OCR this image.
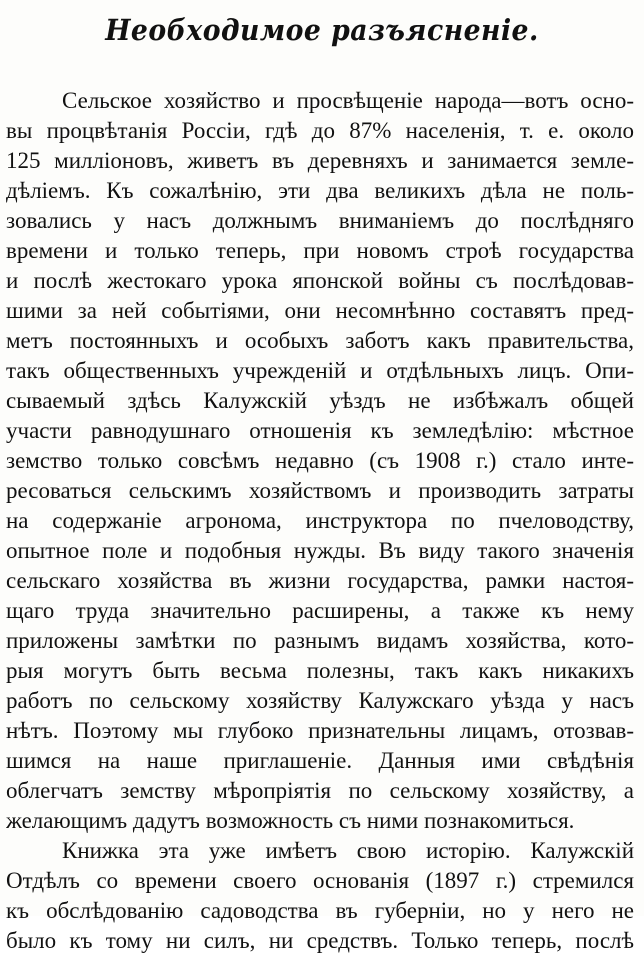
Необходимое разъясненіе.
Сельское хозяйство и просвѣщеніе народа—вотъ осно-
вы процвѣтанія Россіи, гдѣ до 87% населенія, т. е. около
125 милліоновъ, живетъ въ деревняхъ и занимается земле-
дѣліемъ. Къ сожалѣнію, эти два великихъ дѣла не поль-
зовались у насъ должнымъ вниманіемъ до послѣдняго
времени и только теперь, при новомъ строѣ государства
и послѣ жестокаго урока японской войны съ послѣдовав-
шими за ней событіями, они несомнѣнно составятъ пред-
метъ постоянныхъ и особыхъ заботъ какъ правительства,
такъ общественныхъ учрежденій и отдѣльныхъ лицъ. Опи-
сываемый здѣсь Калужскій уѣздъ не избѣжалъ общей
участи равнодушнаго отношенія къ земледѣлію: мѣстное
земство только совсѣмъ недавно (съ 1908 г.) стало инте-
ресоваться сельскимъ хозяйствомъ и производить затраты
на содержаніе агронома, инструктора по пчеловодству,
опытное поле и подобныя нужды. Въ виду такого значенія
сельскаго хозяйства въ жизни государства, рамки настоя-
щаго труда значительно расширены, а также къ нему
приложены замѣтки по разнымъ видамъ хозяйства, кото-
рыя могутъ быть весьма полезны, такъ какъ никакихъ
работъ по сельскому хозяйству Калужскаго уѣзда у насъ
нѣтъ. Поэтому мы глубоко признательны лицамъ, отозвав-
шимся на наше приглашеніе. Данныя ими свѣдѣнія
облегчатъ земству мѣропріятія по сельскому хозяйству, а
желающимъ дадутъ возможность съ ними познакомиться.
Книжка эта уже имѣетъ свою исторію. Калужскій
Отдѣлъ со времени своего основанія (1897 г.) стремился
къ обслѣдованію садоводства въ губерніи, но у него не
было къ тому ни силъ, ни средствъ. Только теперь, послѣ
